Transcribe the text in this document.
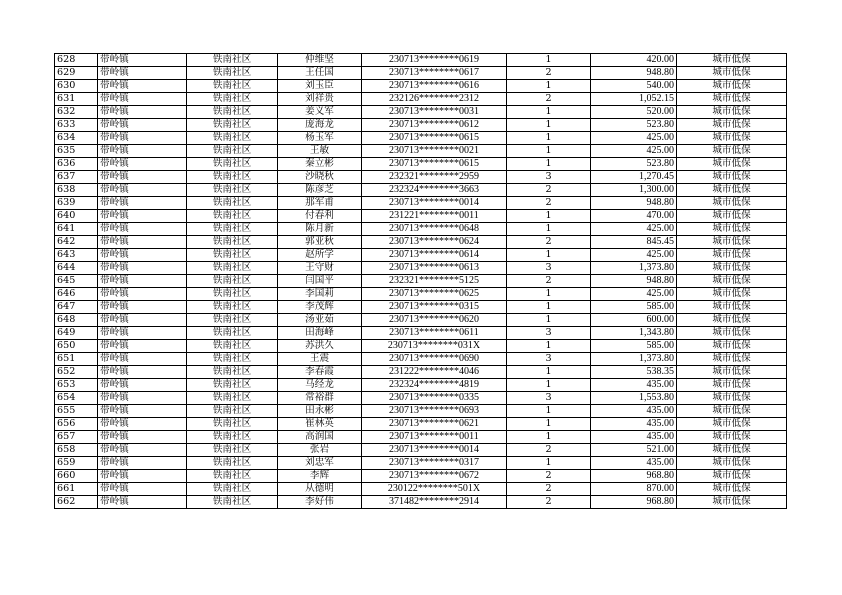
628	带岭镇	铁南社区	仲维坚	230713********0619	1	420.00	城市低保
629	带岭镇	铁南社区	王任国	230713********0617	2	948.80	城市低保
630	带岭镇	铁南社区	刘玉臣	230713********0616	1	540.00	城市低保
631	带岭镇	铁南社区	刘祥贵	232126********2312	2	1,052.15	城市低保
632	带岭镇	铁南社区	姜义军	230713********0031	1	520.00	城市低保
633	带岭镇	铁南社区	庞海龙	230713********0612	1	523.80	城市低保
634	带岭镇	铁南社区	杨玉军	230713********0615	1	425.00	城市低保
635	带岭镇	铁南社区	王敏	230713********0021	1	425.00	城市低保
636	带岭镇	铁南社区	秦立彬	230713********0615	1	523.80	城市低保
637	带岭镇	铁南社区	沙晓秋	232321********2959	3	1,270.45	城市低保
638	带岭镇	铁南社区	陈彦芝	232324********3663	2	1,300.00	城市低保
639	带岭镇	铁南社区	那军甫	230713********0014	2	948.80	城市低保
640	带岭镇	铁南社区	付春利	231221********0011	1	470.00	城市低保
641	带岭镇	铁南社区	陈月新	230713********0648	1	425.00	城市低保
642	带岭镇	铁南社区	郭亚秋	230713********0624	2	845.45	城市低保
643	带岭镇	铁南社区	赵所学	230713********0614	1	425.00	城市低保
644	带岭镇	铁南社区	王守财	230713********0613	3	1,373.80	城市低保
645	带岭镇	铁南社区	闫国平	232321********5125	2	948.80	城市低保
646	带岭镇	铁南社区	李国莉	230713********0625	1	425.00	城市低保
647	带岭镇	铁南社区	李茂辉	230713********0315	1	585.00	城市低保
648	带岭镇	铁南社区	汤亚茹	230713********0620	1	600.00	城市低保
649	带岭镇	铁南社区	田海峰	230713********0611	3	1,343.80	城市低保
650	带岭镇	铁南社区	苏洪久	230713********031X	1	585.00	城市低保
651	带岭镇	铁南社区	王震	230713********0690	3	1,373.80	城市低保
652	带岭镇	铁南社区	李春霞	231222********4046	1	538.35	城市低保
653	带岭镇	铁南社区	马经龙	232324********4819	1	435.00	城市低保
654	带岭镇	铁南社区	常裕群	230713********0335	3	1,553.80	城市低保
655	带岭镇	铁南社区	田永彬	230713********0693	1	435.00	城市低保
656	带岭镇	铁南社区	崔林英	230713********0621	1	435.00	城市低保
657	带岭镇	铁南社区	高润国	230713********0011	1	435.00	城市低保
658	带岭镇	铁南社区	张岩	230713********0014	2	521.00	城市低保
659	带岭镇	铁南社区	刘忠军	230713********0317	1	435.00	城市低保
660	带岭镇	铁南社区	李辉	230713********0672	2	968.80	城市低保
661	带岭镇	铁南社区	从德明	230122********501X	2	870.00	城市低保
662	带岭镇	铁南社区	李好伟	371482********2914	2	968.80	城市低保
